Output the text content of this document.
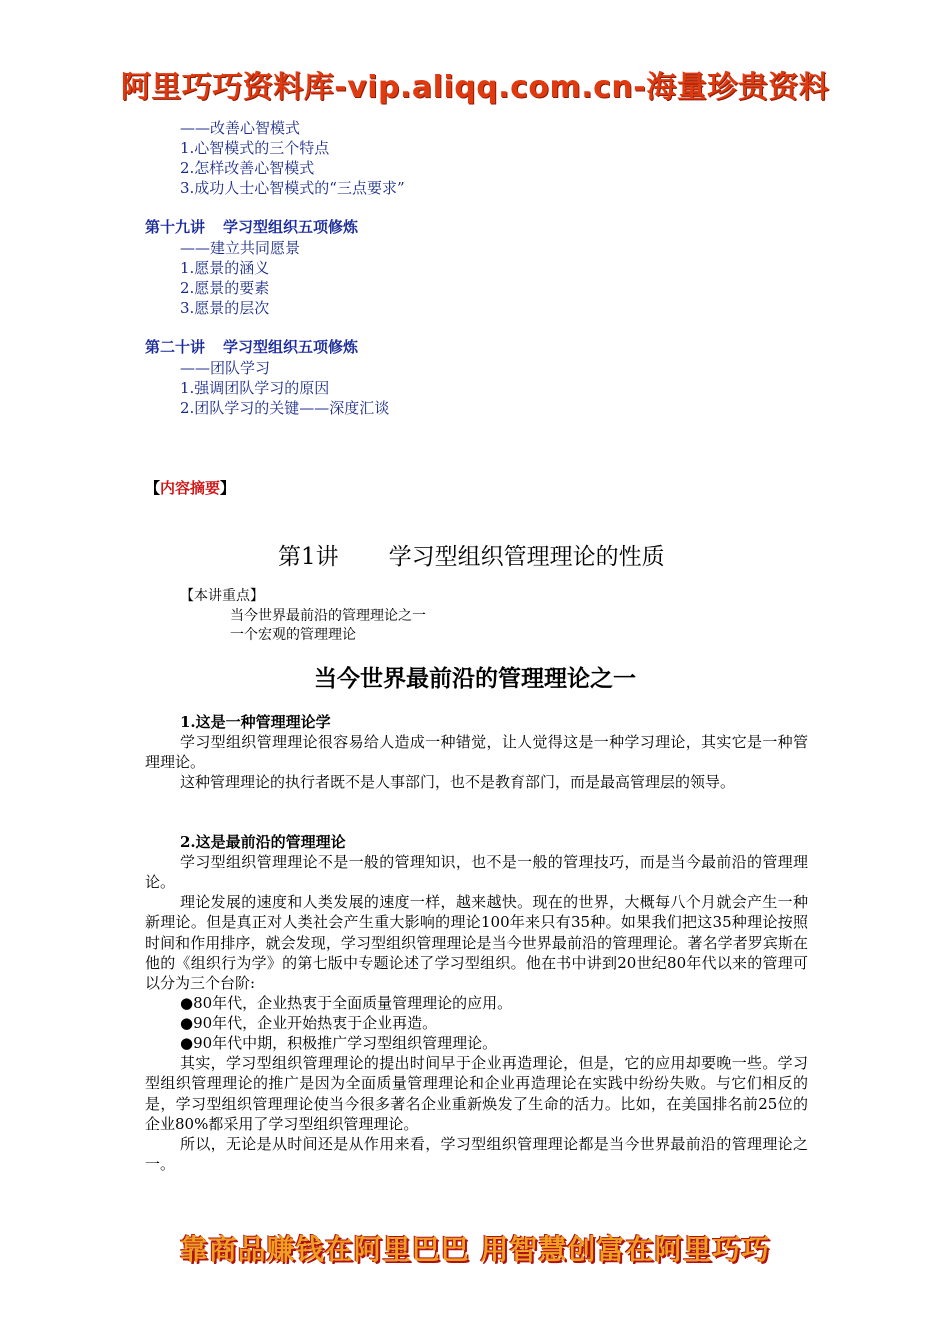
阿里巧巧资料库-vip.aliqq.com.cn-海量珍贵资料
——改善心智模式
1.心智模式的三个特点
2.怎样改善心智模式
3.成功人士心智模式的“三点要求”
第十九讲 学习型组织五项修炼
——建立共同愿景
1.愿景的涵义
2.愿景的要素
3.愿景的层次
第二十讲 学习型组织五项修炼
——团队学习
1.强调团队学习的原因
2.团队学习的关键——深度汇谈
【内容摘要】
第1讲 学习型组织管理理论的性质
【本讲重点】
当今世界最前沿的管理理论之一
一个宏观的管理理论
当今世界最前沿的管理理论之一
1.这是一种管理理论学

学习型组织管理理论很容易给人造成一种错觉，让人觉得这是一种学习理论，其实它是一种管理理论。

这种管理理论的执行者既不是人事部门，也不是教育部门，而是最高管理层的领导。

2.这是最前沿的管理理论

学习型组织管理理论不是一般的管理知识，也不是一般的管理技巧，而是当今最前沿的管理理论。

理论发展的速度和人类发展的速度一样，越来越快。现在的世界，大概每八个月就会产生一种新理论。但是真正对人类社会产生重大影响的理论100年来只有35种。如果我们把这35种理论按照时间和作用排序，就会发现，学习型组织管理理论是当今世界最前沿的管理理论。著名学者罗宾斯在他的《组织行为学》的第七版中专题论述了学习型组织。他在书中讲到20世纪80年代以来的管理可以分为三个台阶:

●80年代，企业热衷于全面质量管理理论的应用。
●90年代，企业开始热衷于企业再造。
●90年代中期，积极推广学习型组织管理理论。

其实，学习型组织管理理论的提出时间早于企业再造理论，但是，它的应用却要晚一些。学习型组织管理理论的推广是因为全面质量管理理论和企业再造理论在实践中纷纷失败。与它们相反的是，学习型组织管理理论使当今很多著名企业重新焕发了生命的活力。比如，在美国排名前25位的企业80%都采用了学习型组织管理理论。

所以，无论是从时间还是从作用来看，学习型组织管理理论都是当今世界最前沿的管理理论之一。

靠商品赚钱在阿里巴巴 用智慧创富在阿里巧巧
